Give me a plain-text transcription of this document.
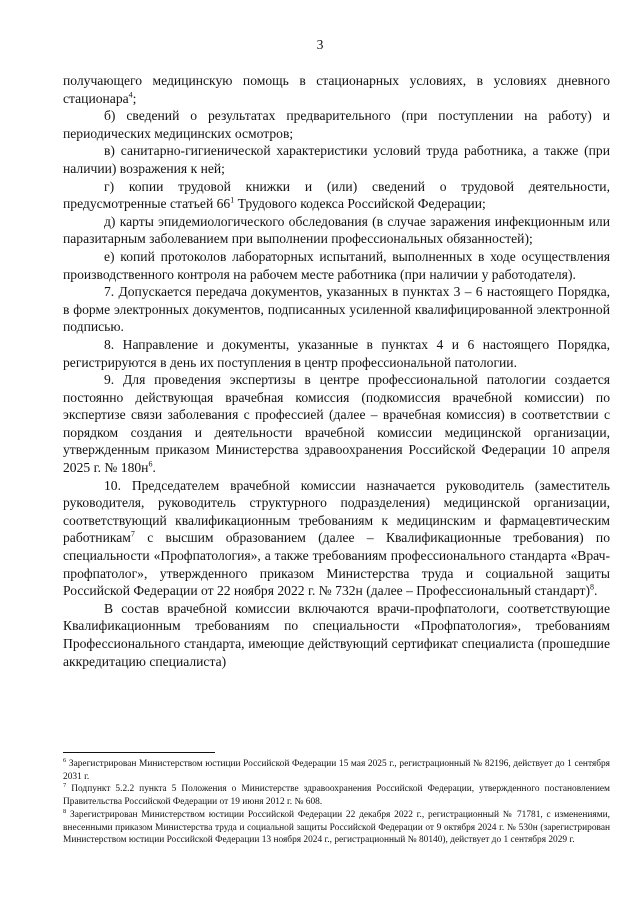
3

получающего медицинскую помощь в стационарных условиях, в условиях дневного стационара$^4$;

б) сведений о результатах предварительного (при поступлении на работу) и периодических медицинских осмотров;

в) санитарно-гигиенической характеристики условий труда работника, а также (при наличии) возражения к ней;

г) копии трудовой книжки и (или) сведений о трудовой деятельности, предусмотренные статьей $66^1$ Трудового кодекса Российской Федерации;

д) карты эпидемиологического обследования (в случае заражения инфекционным или паразитарным заболеванием при выполнении профессиональных обязанностей);

е) копий протоколов лабораторных испытаний, выполненных в ходе осуществления производственного контроля на рабочем месте работника (при наличии у работодателя).

7. Допускается передача документов, указанных в пунктах 3 – 6 настоящего Порядка, в форме электронных документов, подписанных усиленной квалифицированной электронной подписью.

8. Направление и документы, указанные в пунктах 4 и 6 настоящего Порядка, регистрируются в день их поступления в центр профессиональной патологии.

9. Для проведения экспертизы в центре профессиональной патологии создается постоянно действующая врачебная комиссия (подкомиссия врачебной комиссии) по экспертизе связи заболевания с профессией (далее – врачебная комиссия) в соответствии с порядком создания и деятельности врачебной комиссии медицинской организации, утвержденным приказом Министерства здравоохранения Российской Федерации 10 апреля 2025 г. № $180н^6$.

10. Председателем врачебной комиссии назначается руководитель (заместитель руководителя, руководитель структурного подразделения) медицинской организации, соответствующий квалификационным требованиям к медицинским и фармацевтическим работникам$^7$ с высшим образованием (далее – Квалификационные требования) по специальности «Профпатология», а также требованиям профессионального стандарта «Врач-профпатолог», утвержденного приказом Министерства труда и социальной защиты Российской Федерации от 22 ноября 2022 г. № 732н (далее – Профессиональный стандарт)$^8$.

В состав врачебной комиссии включаются врачи-профпатологи, соответствующие Квалификационным требованиям по специальности «Профпатология», требованиям Профессионального стандарта, имеющие действующий сертификат специалиста (прошедшие аккредитацию специалиста)

$^6$ Зарегистрирован Министерством юстиции Российской Федерации 15 мая 2025 г., регистрационный № 82196, действует до 1 сентября 2031 г.

$^7$ Подпункт 5.2.2 пункта 5 Положения о Министерстве здравоохранения Российской Федерации, утвержденного постановлением Правительства Российской Федерации от 19 июня 2012 г. № 608.

$^8$ Зарегистрирован Министерством юстиции Российской Федерации 22 декабря 2022 г., регистрационный № 71781, с изменениями, внесенными приказом Министерства труда и социальной защиты Российской Федерации от 9 октября 2024 г. № 530н (зарегистрирован Министерством юстиции Российской Федерации 13 ноября 2024 г., регистрационный № 80140), действует до 1 сентября 2029 г.
